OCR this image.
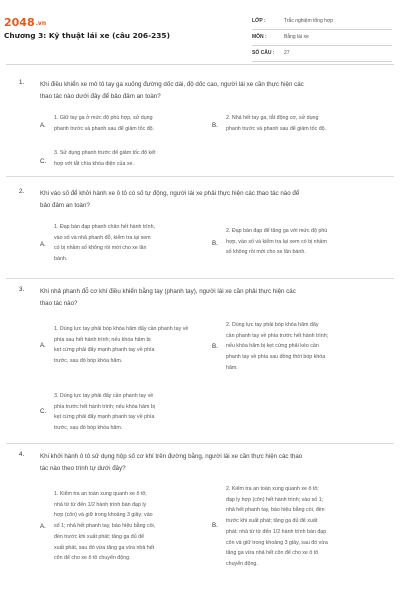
2048.vn
Chương 3: Kỹ thuật lái xe (câu 206-235)
LỚP :	Trắc nghiệm tổng hợp
MÔN :	Bằng lái xe
SỐ CÂU : 27
1.	Khi điều khiển xe mô tô tay ga xuống đường dốc dài, độ dốc cao, người lái xe cần thực hiện các
thao tác nào dưới đây để bảo đảm an toàn?
A.
1. Giữ tay ga ở mức độ phù hợp, sử dụng
phanh trước và phanh sau để giảm tốc độ.	B.
2. Nhả hết tay ga, tắt động cơ, sử dụng
phanh trước và phanh sau để giảm tốc độ.
C.
3. Sử dụng phanh trước để giảm tốc độ kết
hợp với tắt chìa khóa điện của xe.
2.	Khi vào số để khởi hành xe ô tô có số tự động, người lái xe phải thực hiện các thao tác nào để
bảo đảm an toàn?
A.
1. Đạp bàn đạp phanh chân hết hành trình,
vào số và nhả phanh đỗ, kiểm tra lại xem
có bị nhầm số không rồi mới cho xe lăn
bánh.
B.
2. Đạp bàn đạp để tăng ga với mức độ phù
hợp, vào số và kiểm tra lại xem có bị nhầm
số không rồi mới cho xe lăn bánh.
3.	Khi nhả phanh đỗ cơ khí điều khiển bằng tay (phanh tay), người lái xe cần phải thực hiện các
thao tác nào?
A.
1. Dùng lực tay phải bóp khóa hãm đẩy cần phanh tay về
phía sau hết hành trình; nếu khóa hãm bị
kẹt cứng phải đẩy mạnh phanh tay về phía
trước, sau đó bóp khóa hãm.
B.
2. Dùng lực tay phải bóp khóa hãm đẩy
cần phanh tay về phía trước hết hành trình;
nếu khóa hãm bị kẹt cứng phải kéo cần
phanh tay về phía sau đồng thời bóp khóa
hãm.
C.
3. Dùng lực tay phải đẩy cần phanh tay về
phía trước hết hành trình; nếu khóa hãm bị
kẹt cứng phải đẩy mạnh phanh tay về phía
trước, sau đó bóp khóa hãm.
4.	Khi khởi hành ô tô sử dụng hộp số cơ khí trên đường bằng, người lái xe cần thực hiện các thao
tác nào theo trình tự dưới đây?
A.
1. Kiểm tra an toàn xung quanh xe ô tô;
nhả từ từ đến 1/2 hành trình bàn đạp ly
hợp (côn) và giữ trong khoảng 3 giây; vào
số 1; nhả hết phanh tay, báo hiệu bằng còi,
đèn trước khi xuất phát; tăng ga đủ để
xuất phát, sau đó vừa tăng ga vừa nhả hết
côn để cho xe ô tô chuyển động.
B.
2. Kiểm tra an toàn xung quanh xe ô tô;
đạp ly hợp (côn) hết hành trình; vào số 1;
nhả hết phanh tay, báo hiệu bằng còi, đèn
trước khi xuất phát; tăng ga đủ để xuất
phát; nhả từ từ đến 1/2 hành trình bàn đạp
côn và giữ trong khoảng 3 giây, sau đó vừa
tăng ga vừa nhả hết côn để cho xe ô tô
chuyển động.
